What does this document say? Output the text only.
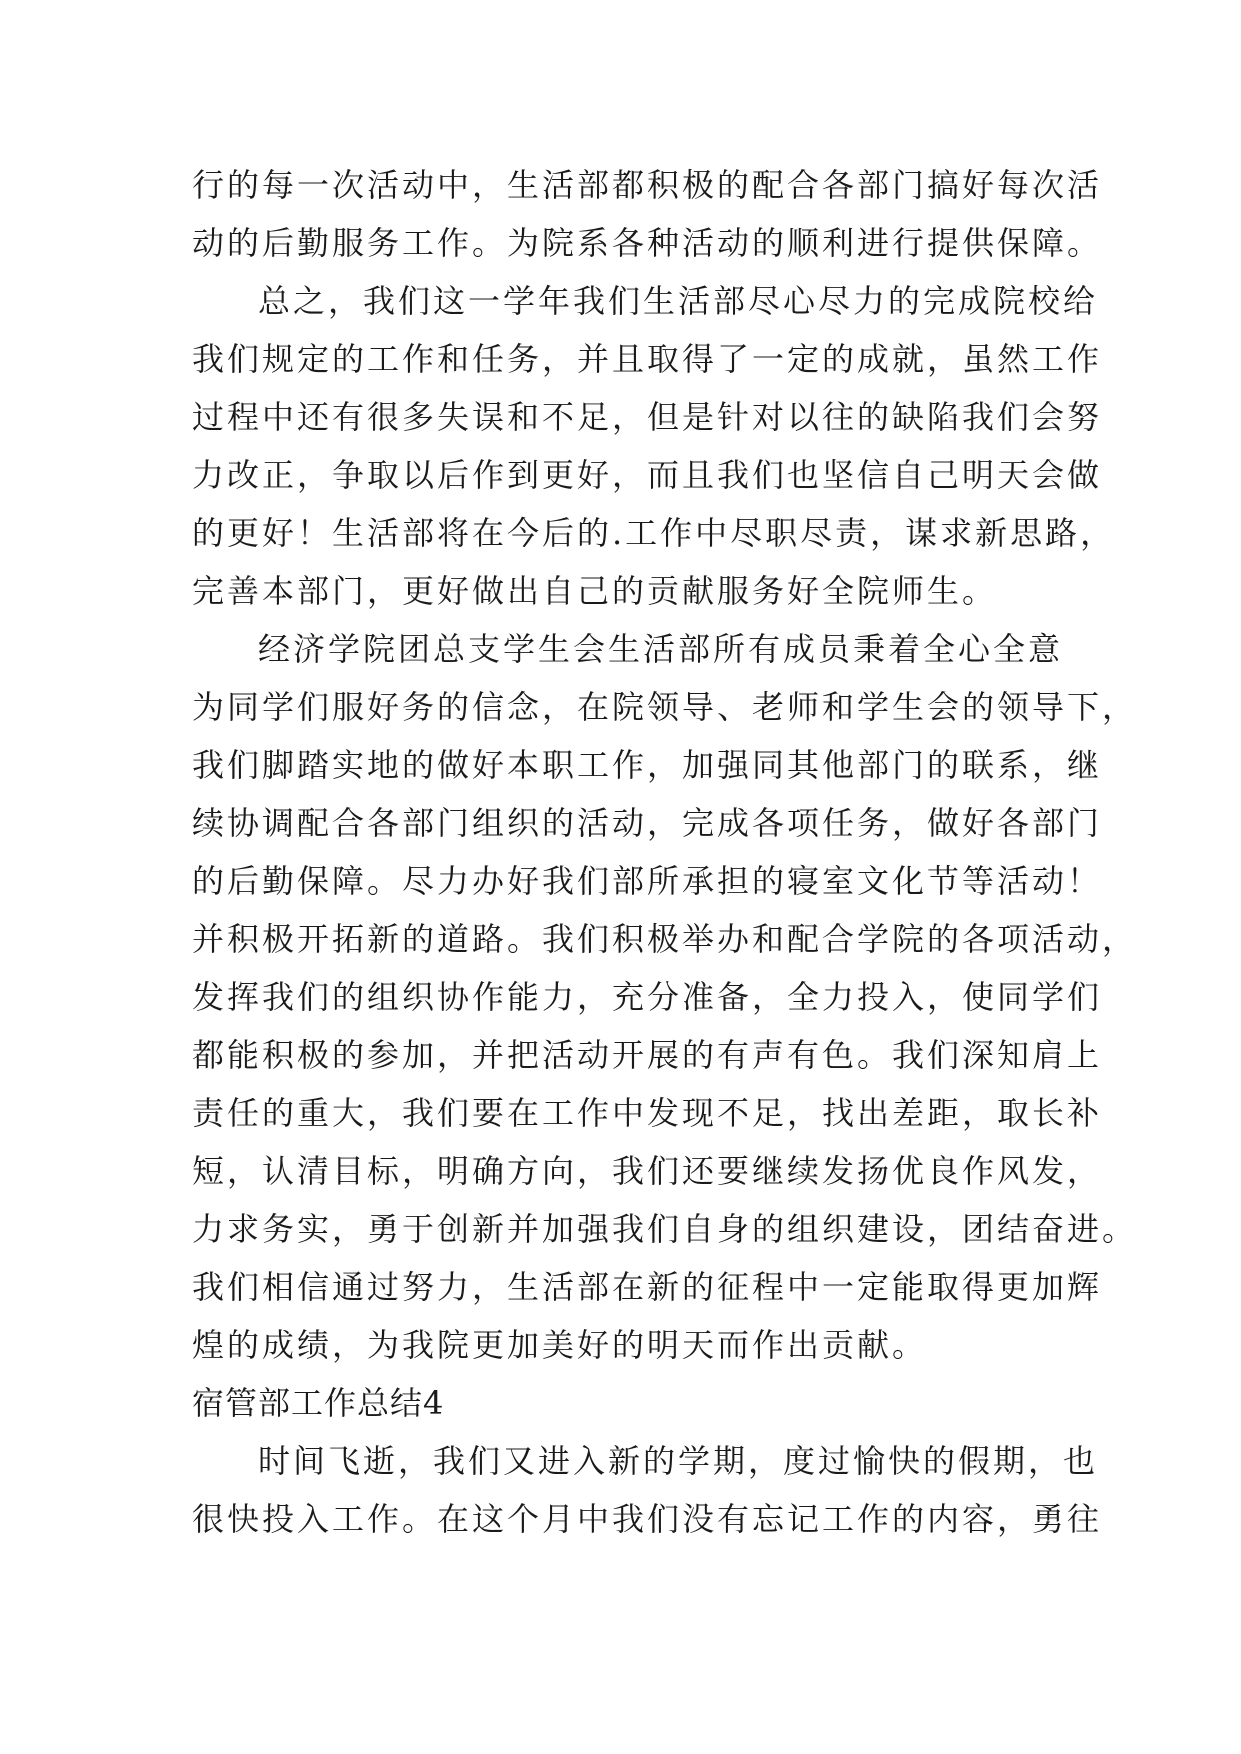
行的每一次活动中，生活部都积极的配合各部门搞好每次活
动的后勤服务工作。为院系各种活动的顺利进行提供保障。
总之，我们这一学年我们生活部尽心尽力的完成院校给
我们规定的工作和任务，并且取得了一定的成就，虽然工作
过程中还有很多失误和不足，但是针对以往的缺陷我们会努
力改正，争取以后作到更好，而且我们也坚信自己明天会做
的更好！生活部将在今后的.工作中尽职尽责，谋求新思路，
完善本部门，更好做出自己的贡献服务好全院师生。
经济学院团总支学生会生活部所有成员秉着全心全意
为同学们服好务的信念，在院领导、老师和学生会的领导下，
我们脚踏实地的做好本职工作，加强同其他部门的联系，继
续协调配合各部门组织的活动，完成各项任务，做好各部门
的后勤保障。尽力办好我们部所承担的寝室文化节等活动！
并积极开拓新的道路。我们积极举办和配合学院的各项活动，
发挥我们的组织协作能力，充分准备，全力投入，使同学们
都能积极的参加，并把活动开展的有声有色。我们深知肩上
责任的重大，我们要在工作中发现不足，找出差距，取长补
短，认清目标，明确方向，我们还要继续发扬优良作风发，
力求务实，勇于创新并加强我们自身的组织建设，团结奋进。
我们相信通过努力，生活部在新的征程中一定能取得更加辉
煌的成绩，为我院更加美好的明天而作出贡献。
宿管部工作总结4
时间飞逝，我们又进入新的学期，度过愉快的假期，也
很快投入工作。在这个月中我们没有忘记工作的内容，勇往
